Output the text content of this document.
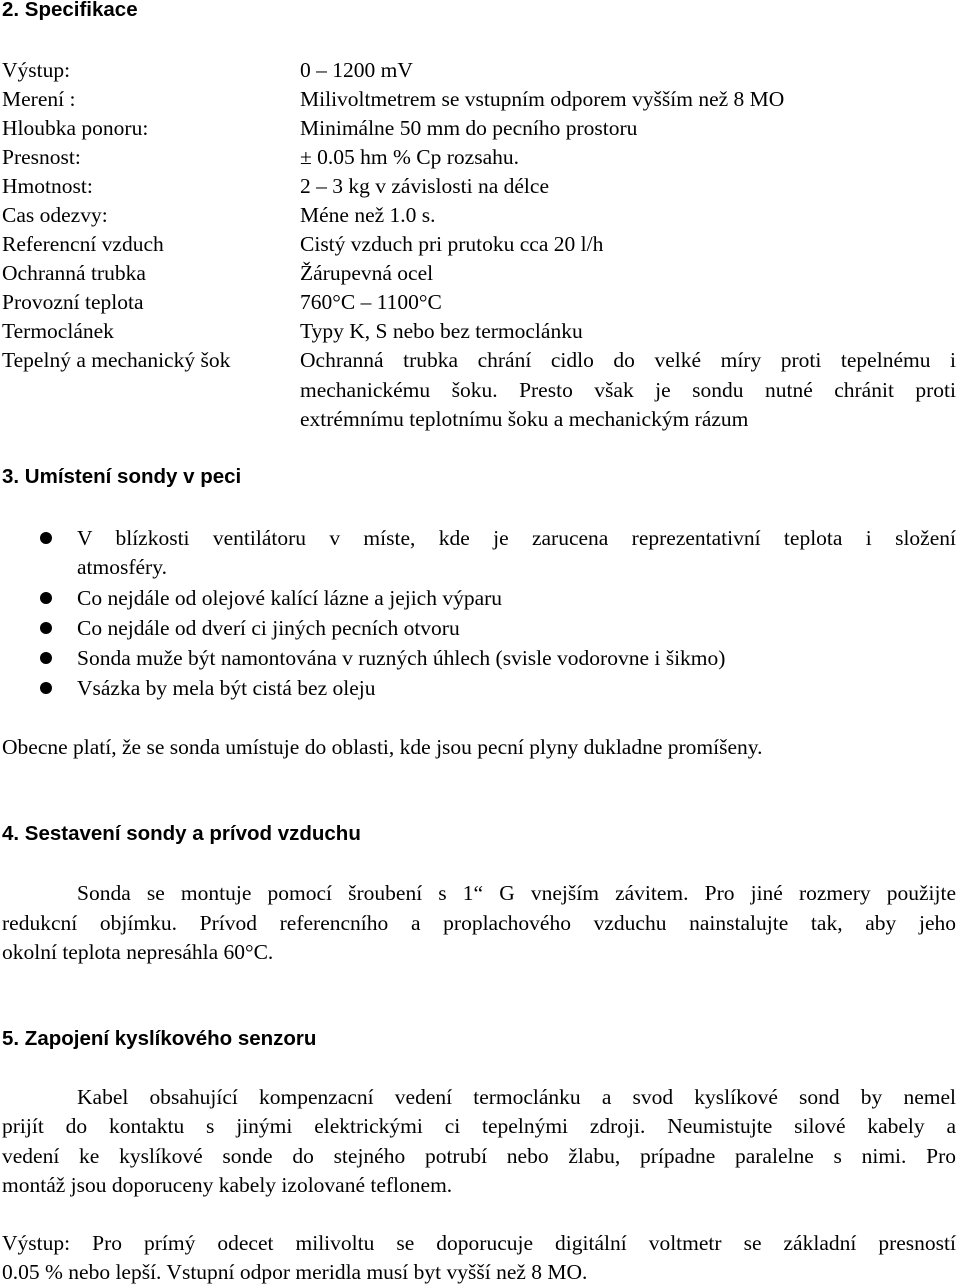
2. Specifikace
Výstup:	0 – 1200 mV
Merení :	Milivoltmetrem se vstupním odporem vyšším než 8 MO
Hloubka ponoru:	Minimálne 50 mm do pecního prostoru
Presnost:	± 0.05 hm % Cp rozsahu.
Hmotnost:	2 – 3 kg v závislosti na délce
Cas odezvy:	Méne než 1.0 s.
Referencní vzduch	Cistý vzduch pri prutoku cca 20 l/h
Ochranná trubka	Žárupevná ocel
Provozní teplota	760°C – 1100°C
Termoclánek	Typy K, S nebo bez termoclánku
Tepelný a mechanický šok	Ochranná trubka chrání cidlo do velké míry proti tepelnému i
mechanickému šoku. Presto však je sondu nutné chránit proti
extrémnímu teplotnímu šoku a mechanickým rázum
3. Umístení sondy v peci
V blízkosti ventilátoru v míste, kde je zarucena reprezentativní teplota i složení
atmosféry.
Co nejdále od olejové kalící lázne a jejich výparu
Co nejdále od dverí ci jiných pecních otvoru
Sonda muže být namontována v ruzných úhlech (svisle vodorovne i šikmo)
Vsázka by mela být cistá bez oleju
Obecne platí, že se sonda umístuje do oblasti, kde jsou pecní plyny dukladne promíšeny.
4. Sestavení sondy a prívod vzduchu
Sonda se montuje pomocí šroubení s 1“ G vnejším závitem. Pro jiné rozmery použijte
redukcní objímku. Prívod referencního a proplachového vzduchu nainstalujte tak, aby jeho
okolní teplota nepresáhla 60°C.
5. Zapojení kyslíkového senzoru
Kabel obsahující kompenzacní vedení termoclánku a svod kyslíkové sond by nemel
prijít do kontaktu s jinými elektrickými ci tepelnými zdroji. Neumistujte silové kabely a
vedení ke kyslíkové sonde do stejného potrubí nebo žlabu, prípadne paralelne s nimi. Pro
montáž jsou doporuceny kabely izolované teflonem.
Výstup: Pro prímý odecet milivoltu se doporucuje digitální voltmetr se základní presností
0.05 % nebo lepší. Vstupní odpor meridla musí byt vyšší než 8 MO.
